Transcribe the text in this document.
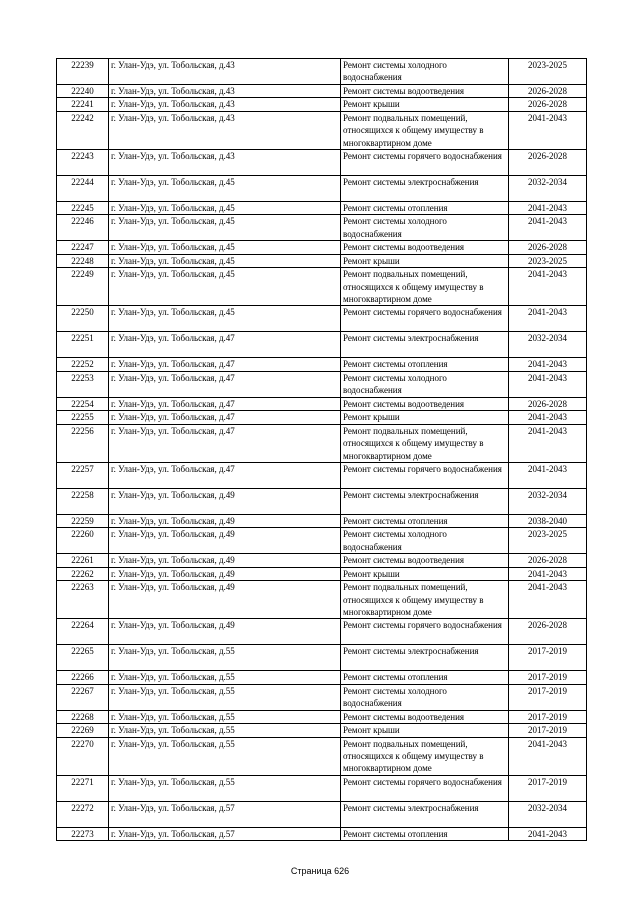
22239	г. Улан-Удэ, ул. Тобольская, д.43	Ремонт системы холодного водоснабжения	2023-2025
22240	г. Улан-Удэ, ул. Тобольская, д.43	Ремонт системы водоотведения	2026-2028
22241	г. Улан-Удэ, ул. Тобольская, д.43	Ремонт крыши	2026-2028
22242	г. Улан-Удэ, ул. Тобольская, д.43	Ремонт подвальных помещений, относящихся к общему имуществу в многоквартирном доме	2041-2043
22243	г. Улан-Удэ, ул. Тобольская, д.43	Ремонт системы горячего водоснабжения	2026-2028
22244	г. Улан-Удэ, ул. Тобольская, д.45	Ремонт системы электроснабжения	2032-2034
22245	г. Улан-Удэ, ул. Тобольская, д.45	Ремонт системы отопления	2041-2043
22246	г. Улан-Удэ, ул. Тобольская, д.45	Ремонт системы холодного водоснабжения	2041-2043
22247	г. Улан-Удэ, ул. Тобольская, д.45	Ремонт системы водоотведения	2026-2028
22248	г. Улан-Удэ, ул. Тобольская, д.45	Ремонт крыши	2023-2025
22249	г. Улан-Удэ, ул. Тобольская, д.45	Ремонт подвальных помещений, относящихся к общему имуществу в многоквартирном доме	2041-2043
22250	г. Улан-Удэ, ул. Тобольская, д.45	Ремонт системы горячего водоснабжения	2041-2043
22251	г. Улан-Удэ, ул. Тобольская, д.47	Ремонт системы электроснабжения	2032-2034
22252	г. Улан-Удэ, ул. Тобольская, д.47	Ремонт системы отопления	2041-2043
22253	г. Улан-Удэ, ул. Тобольская, д.47	Ремонт системы холодного водоснабжения	2041-2043
22254	г. Улан-Удэ, ул. Тобольская, д.47	Ремонт системы водоотведения	2026-2028
22255	г. Улан-Удэ, ул. Тобольская, д.47	Ремонт крыши	2041-2043
22256	г. Улан-Удэ, ул. Тобольская, д.47	Ремонт подвальных помещений, относящихся к общему имуществу в многоквартирном доме	2041-2043
22257	г. Улан-Удэ, ул. Тобольская, д.47	Ремонт системы горячего водоснабжения	2041-2043
22258	г. Улан-Удэ, ул. Тобольская, д.49	Ремонт системы электроснабжения	2032-2034
22259	г. Улан-Удэ, ул. Тобольская, д.49	Ремонт системы отопления	2038-2040
22260	г. Улан-Удэ, ул. Тобольская, д.49	Ремонт системы холодного водоснабжения	2023-2025
22261	г. Улан-Удэ, ул. Тобольская, д.49	Ремонт системы водоотведения	2026-2028
22262	г. Улан-Удэ, ул. Тобольская, д.49	Ремонт крыши	2041-2043
22263	г. Улан-Удэ, ул. Тобольская, д.49	Ремонт подвальных помещений, относящихся к общему имуществу в многоквартирном доме	2041-2043
22264	г. Улан-Удэ, ул. Тобольская, д.49	Ремонт системы горячего водоснабжения	2026-2028
22265	г. Улан-Удэ, ул. Тобольская, д.55	Ремонт системы электроснабжения	2017-2019
22266	г. Улан-Удэ, ул. Тобольская, д.55	Ремонт системы отопления	2017-2019
22267	г. Улан-Удэ, ул. Тобольская, д.55	Ремонт системы холодного водоснабжения	2017-2019
22268	г. Улан-Удэ, ул. Тобольская, д.55	Ремонт системы водоотведения	2017-2019
22269	г. Улан-Удэ, ул. Тобольская, д.55	Ремонт крыши	2017-2019
22270	г. Улан-Удэ, ул. Тобольская, д.55	Ремонт подвальных помещений, относящихся к общему имуществу в многоквартирном доме	2041-2043
22271	г. Улан-Удэ, ул. Тобольская, д.55	Ремонт системы горячего водоснабжения	2017-2019
22272	г. Улан-Удэ, ул. Тобольская, д.57	Ремонт системы электроснабжения	2032-2034
22273	г. Улан-Удэ, ул. Тобольская, д.57	Ремонт системы отопления	2041-2043
Страница 626
